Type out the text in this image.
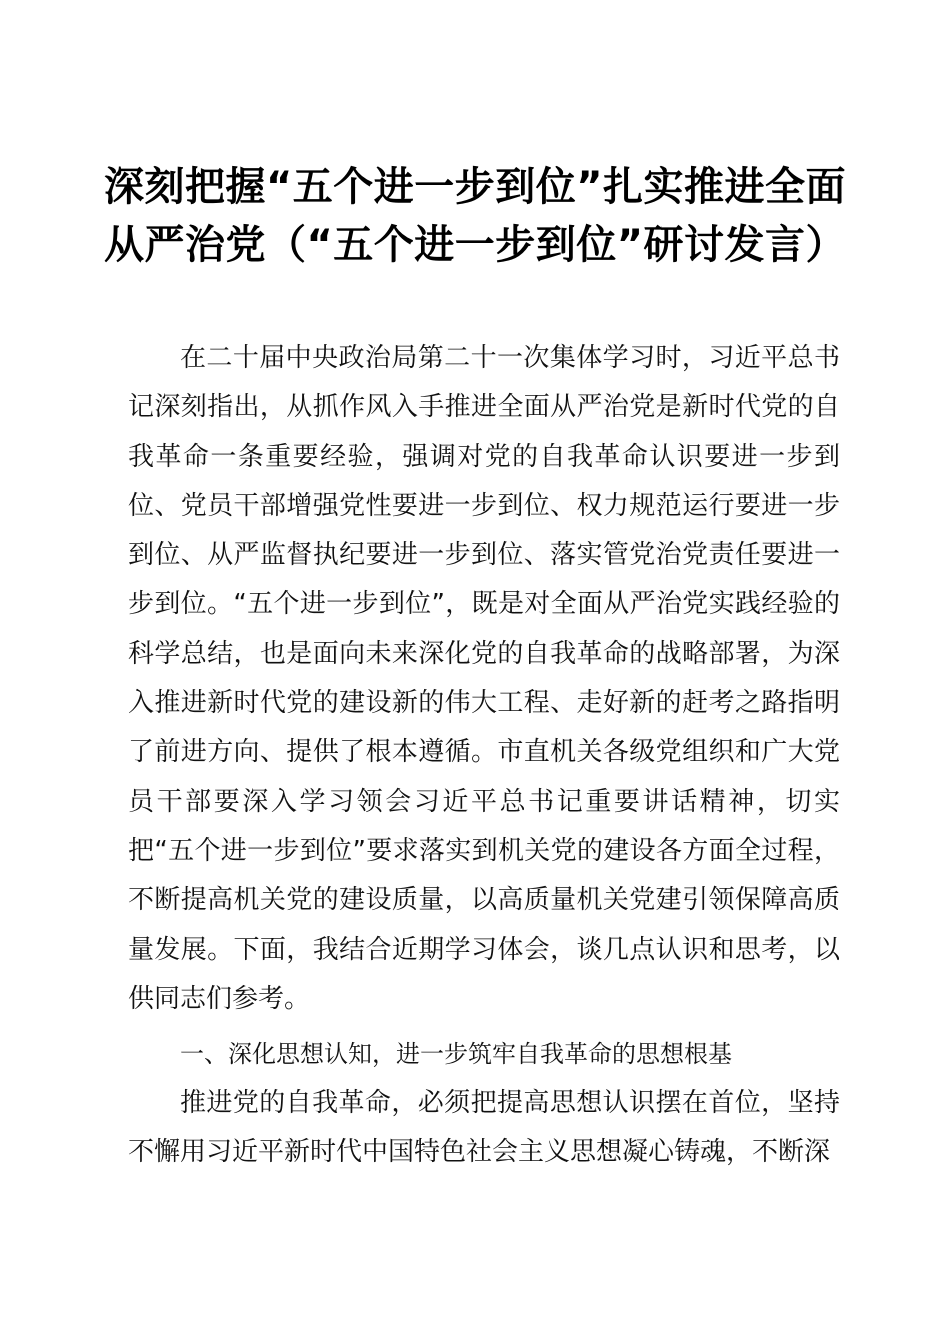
深刻把握“五个进一步到位”扎实推进全面从严治党（“五个进一步到位”研讨发言）

在二十届中央政治局第二十一次集体学习时，习近平总书记深刻指出，从抓作风入手推进全面从严治党是新时代党的自我革命一条重要经验，强调对党的自我革命认识要进一步到位、党员干部增强党性要进一步到位、权力规范运行要进一步到位、从严监督执纪要进一步到位、落实管党治党责任要进一步到位。“五个进一步到位”，既是对全面从严治党实践经验的科学总结，也是面向未来深化党的自我革命的战略部署，为深入推进新时代党的建设新的伟大工程、走好新的赶考之路指明了前进方向、提供了根本遵循。市直机关各级党组织和广大党员干部要深入学习领会习近平总书记重要讲话精神，切实把“五个进一步到位”要求落实到机关党的建设各方面全过程，不断提高机关党的建设质量，以高质量机关党建引领保障高质量发展。下面，我结合近期学习体会，谈几点认识和思考，以供同志们参考。

一、深化思想认知，进一步筑牢自我革命的思想根基

推进党的自我革命，必须把提高思想认识摆在首位，坚持不懈用习近平新时代中国特色社会主义思想凝心铸魂，不断深
